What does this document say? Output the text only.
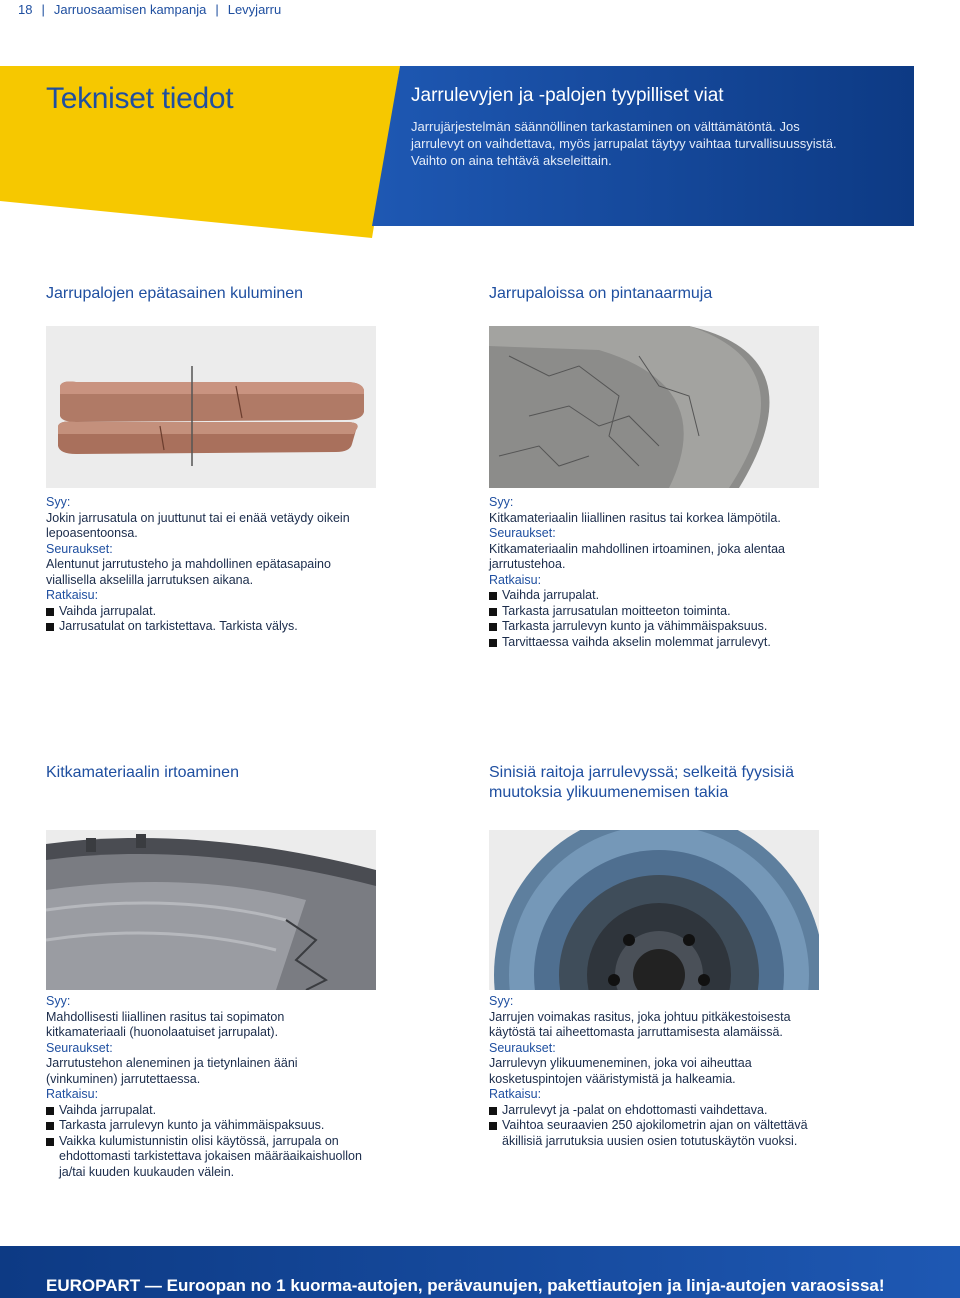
18 | Jarruosaamisen kampanja | Levyjarru
Tekniset tiedot	Jarrulevyjen ja -palojen tyypilliset viat
Jarrujärjestelmän säännöllinen tarkastaminen on välttämätöntä. Jos
jarrulevyt on vaihdettava, myös jarrupalat täytyy vaihtaa turvallisuussyistä.
Vaihto on aina tehtävä akseleittain.
Jarrupalojen epätasainen kuluminen
Syy:
Jokin jarrusatula on juuttunut tai ei enää vetäydy oikein
lepoasentoonsa.
Seuraukset:
Alentunut jarrutusteho ja mahdollinen epätasapaino
viallisella akselilla jarrutuksen aikana.
Ratkaisu:
Vaihda jarrupalat.
Jarrusatulat on tarkistettava. Tarkista välys.
Jarrupaloissa on pintanaarmuja
Syy:
Kitkamateriaalin liiallinen rasitus tai korkea lämpötila.
Seuraukset:
Kitkamateriaalin mahdollinen irtoaminen, joka alentaa
jarrutustehoa.
Ratkaisu:
Vaihda jarrupalat.
Tarkasta jarrusatulan moitteeton toiminta.
Tarkasta jarrulevyn kunto ja vähimmäispaksuus.
Tarvittaessa vaihda akselin molemmat jarrulevyt.
Kitkamateriaalin irtoaminen
Syy:
Mahdollisesti liiallinen rasitus tai sopimaton
kitkamateriaali (huonolaatuiset jarrupalat).
Seuraukset:
Jarrutustehon aleneminen ja tietynlainen ääni
(vinkuminen) jarrutettaessa.
Ratkaisu:
Vaihda jarrupalat.
Tarkasta jarrulevyn kunto ja vähimmäispaksuus.
Vaikka kulumistunnistin olisi käytössä, jarrupala on
ehdottomasti tarkistettava jokaisen määräaikaishuollon
ja/tai kuuden kuukauden välein.
Sinisiä raitoja jarrulevyssä; selkeitä fyysisiä
muutoksia ylikuumenemisen takia
Syy:
Jarrujen voimakas rasitus, joka johtuu pitkäkestoisesta
käytöstä tai aiheettomasta jarruttamisesta alamäissä.
Seuraukset:
Jarrulevyn ylikuumeneminen, joka voi aiheuttaa
kosketuspintojen vääristymistä ja halkeamia.
Ratkaisu:
Jarrulevyt ja -palat on ehdottomasti vaihdettava.
Vaihtoa seuraavien 250 ajokilometrin ajan on vältettävä
äkillisiä jarrutuksia uusien osien totutuskäytön vuoksi.
EUROPART — Euroopan no 1 kuorma-autojen, perävaunujen, pakettiautojen ja linja-autojen varaosissa!
